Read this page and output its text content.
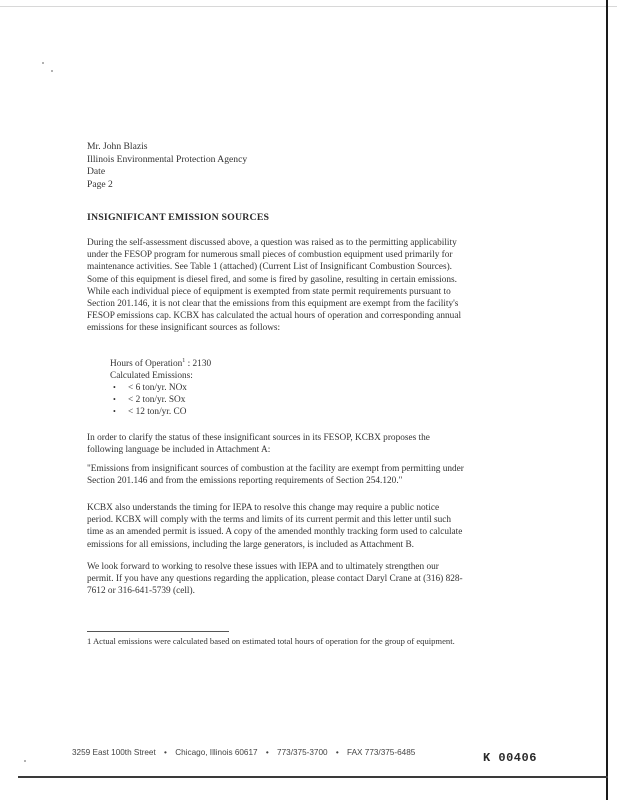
Mr. John Blazis
Illinois Environmental Protection Agency
Date
Page 2
INSIGNIFICANT EMISSION SOURCES
During the self-assessment discussed above, a question was raised as to the permitting applicability under the FESOP program for numerous small pieces of combustion equipment used primarily for maintenance activities. See Table 1 (attached) (Current List of Insignificant Combustion Sources). Some of this equipment is diesel fired, and some is fired by gasoline, resulting in certain emissions. While each individual piece of equipment is exempted from state permit requirements pursuant to Section 201.146, it is not clear that the emissions from this equipment are exempt from the facility's FESOP emissions cap. KCBX has calculated the actual hours of operation and corresponding annual emissions for these insignificant sources as follows:
Hours of Operation$^1$ : 2130
Calculated Emissions:
• < 6 ton/yr. NOx
• < 2 ton/yr. SOx
• < 12 ton/yr. CO
In order to clarify the status of these insignificant sources in its FESOP, KCBX proposes the following language be included in Attachment A:
"Emissions from insignificant sources of combustion at the facility are exempt from permitting under Section 201.146 and from the emissions reporting requirements of Section 254.120."
KCBX also understands the timing for IEPA to resolve this change may require a public notice period. KCBX will comply with the terms and limits of its current permit and this letter until such time as an amended permit is issued. A copy of the amended monthly tracking form used to calculate emissions for all emissions, including the large generators, is included as Attachment B.
We look forward to working to resolve these issues with IEPA and to ultimately strengthen our permit. If you have any questions regarding the application, please contact Daryl Crane at (316) 828-7612 or 316-641-5739 (cell).
1 Actual emissions were calculated based on estimated total hours of operation for the group of equipment.
3259 East 100th Street • Chicago, Illinois 60617 • 773/375-3700 • FAX 773/375-6485	K 00406
